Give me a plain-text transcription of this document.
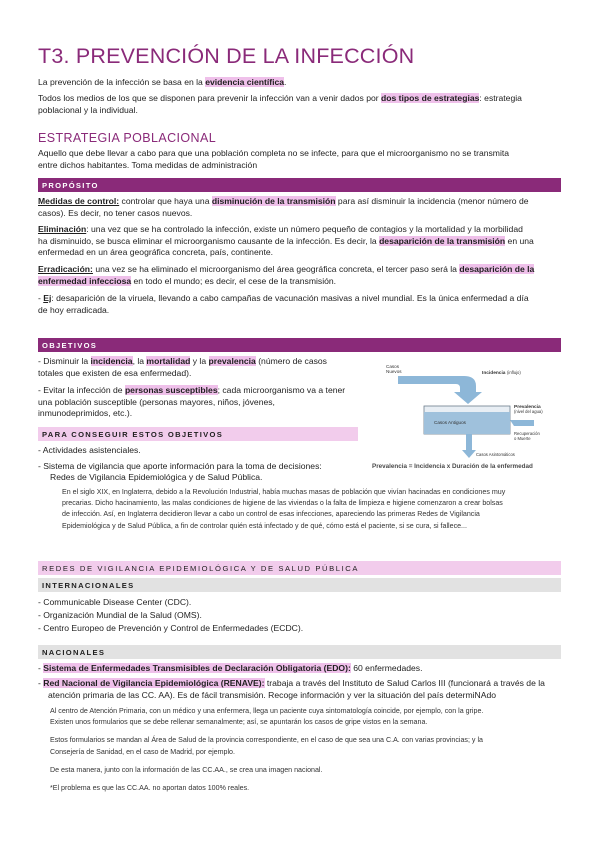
T3. PREVENCIÓN DE LA INFECCIÓN
La prevención de la infección se basa en la evidencia científica.
Todos los medios de los que se disponen para prevenir la infección van a venir dados por dos tipos de estrategias: estrategia
poblacional y la individual.
ESTRATEGIA POBLACIONAL
Aquello que debe llevar a cabo para que una población completa no se infecte, para que el microorganismo no se transmita
entre dichos habitantes. Toma medidas de administración
PROPÓSITO
Medidas de control: controlar que haya una disminución de la transmisión para así disminuir la incidencia (menor número de
casos). Es decir, no tener casos nuevos.
Eliminación: una vez que se ha controlado la infección, existe un número pequeño de contagios y la mortalidad y la morbilidad
ha disminuido, se busca eliminar el microorganismo causante de la infección. Es decir, la desaparición de la transmisión en una
enfermedad en un área geográfica concreta, país, continente.
Erradicación: una vez se ha eliminado el microorganismo del área geográfica concreta, el tercer paso será la desaparición de la
enfermedad infecciosa en todo el mundo; es decir, el cese de la transmisión.
- Ej: desaparición de la viruela, llevando a cabo campañas de vacunación masivas a nivel mundial. Es la única enfermedad a día
de hoy erradicada.
OBJETIVOS
- Disminuir la incidencia, la mortalidad y la prevalencia (número de casos
totales que existen de esa enfermedad).
- Evitar la infección de personas susceptibles; cada microorganismo va a tener
una población susceptible (personas mayores, niños, jóvenes,
inmunodeprimidos, etc.).
PARA CONSEGUIR ESTOS OBJETIVOS
- Actividades asistenciales.
- Sistema de vigilancia que aporte información para la toma de decisiones:
Redes de Vigilancia Epidemiológica y de Salud Pública.
En el siglo XIX, en Inglaterra, debido a la Revolución Industrial, había muchas masas de población que vivían hacinadas en condiciones muy
precarias. Dicho hacinamiento, las malas condiciones de higiene de las viviendas o la falta de limpieza e higiene comenzaron a crear bolsas
de infección. Así, en Inglaterra decidieron llevar a cabo un control de esas infecciones, apareciendo las primeras Redes de Vigilancia
Epidemiológica y de Salud Pública, a fin de controlar quién está infectado y de qué, cómo está el paciente, si se cura, si fallece...
Casos
Nuevos	Incidencia (influjo)
Prevalencia
(nivel del agua)
Casos Antiguos
Recuperación
o Muerte
Casos Asintomáticos
Prevalencia = Incidencia x Duración de la enfermedad
REDES DE VIGILANCIA EPIDEMIOLÓGICA Y DE SALUD PÚBLICA
INTERNACIONALES
- Communicable Disease Center (CDC).
- Organización Mundial de la Salud (OMS).
- Centro Europeo de Prevención y Control de Enfermedades (ECDC).
NACIONALES
- Sistema de Enfermedades Transmisibles de Declaración Obligatoria (EDO): 60 enfermedades.
- Red Nacional de Vigilancia Epidemiológica (RENAVE): trabaja a través del Instituto de Salud Carlos III (funcionará a través de la
atención primaria de las CC. AA). Es de fácil transmisión. Recoge información y ver la situación del país determiNAdo
Al centro de Atención Primaria, con un médico y una enfermera, llega un paciente cuya sintomatología coincide, por ejemplo, con la gripe.
Existen unos formularios que se debe rellenar semanalmente; así, se apuntarán los casos de gripe vistos en la semana.
Estos formularios se mandan al Área de Salud de la provincia correspondiente, en el caso de que sea una C.A. con varias provincias; y la
Consejería de Sanidad, en el caso de Madrid, por ejemplo.
De esta manera, junto con la información de las CC.AA., se crea una imagen nacional.
*El problema es que las CC.AA. no aportan datos 100% reales.
